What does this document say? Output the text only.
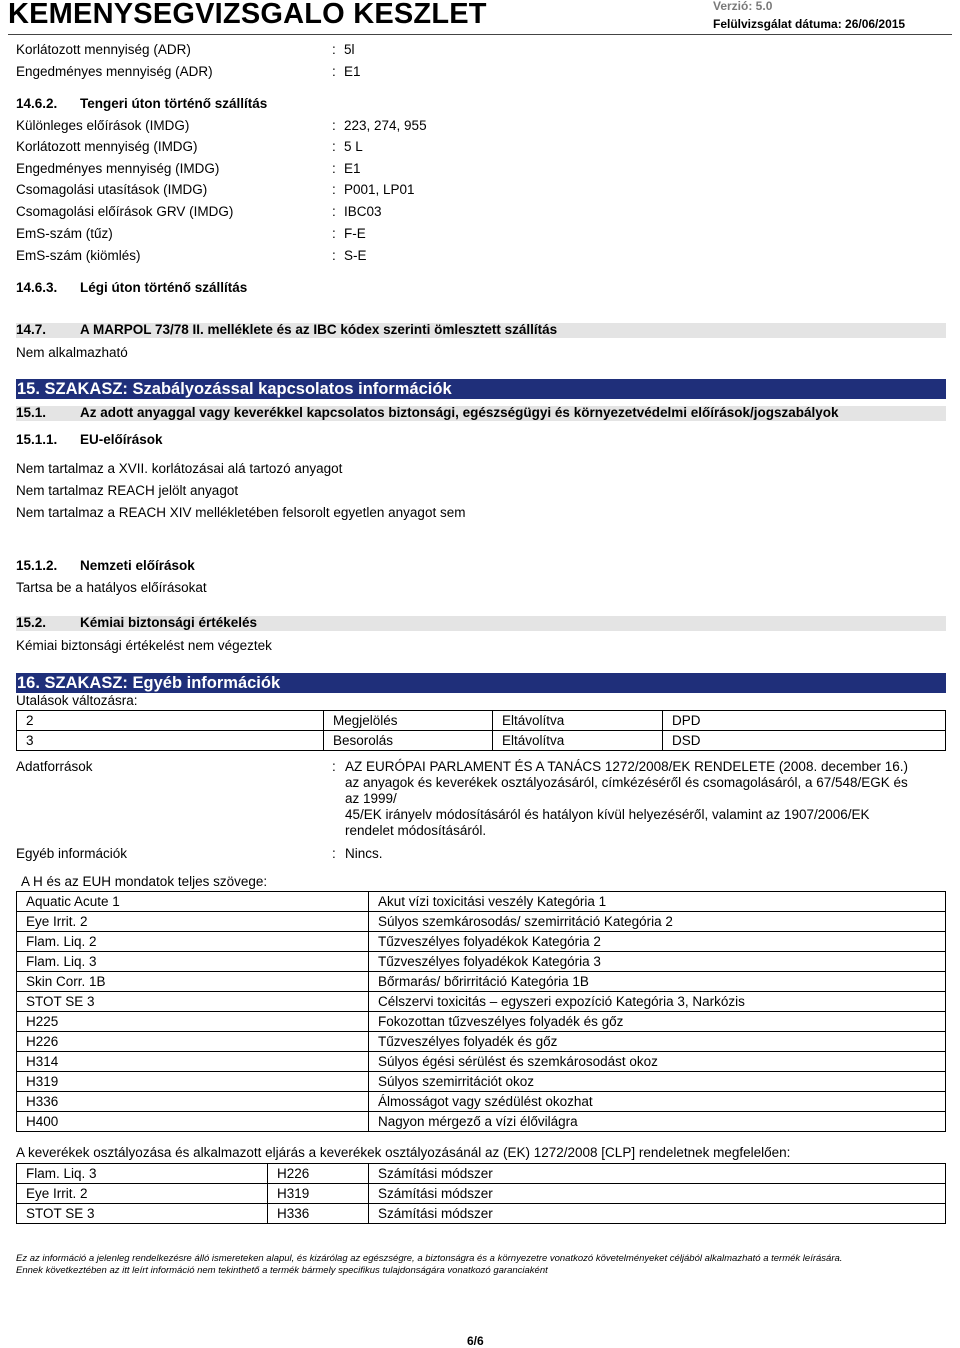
KEMENYSEGVIZSGALO KESZLET	Verzió: 5.0
Felülvizsgálat dátuma: 26/06/2015
Korlátozott mennyiség (ADR)	: 5l
Engedményes mennyiség (ADR)	: E1
14.6.2. Tengeri úton történő szállítás
Különleges előírások (IMDG)	: 223, 274, 955
Korlátozott mennyiség (IMDG)	: 5 L
Engedményes mennyiség (IMDG)	: E1
Csomagolási utasítások (IMDG)	: P001, LP01
Csomagolási előírások GRV (IMDG)	: IBC03
EmS-szám (tűz)	: F-E
EmS-szám (kiömlés)	: S-E
14.6.3. Légi úton történő szállítás
14.7.	A MARPOL 73/78 II. melléklete és az IBC kódex szerinti ömlesztett szállítás
Nem alkalmazható
15. SZAKASZ: Szabályozással kapcsolatos információk
15.1.	Az adott anyaggal vagy keverékkel kapcsolatos biztonsági, egészségügyi és környezetvédelmi előírások/jogszabályok
15.1.1. EU-előírások
Nem tartalmaz a XVII. korlátozásai alá tartozó anyagot
Nem tartalmaz REACH jelölt anyagot
Nem tartalmaz a REACH XIV mellékletében felsorolt egyetlen anyagot sem
15.1.2. Nemzeti előírások
Tartsa be a hatályos előírásokat
15.2.	Kémiai biztonsági értékelés
Kémiai biztonsági értékelést nem végeztek
16. SZAKASZ: Egyéb információk
Utalások változásra:
2	Megjelölés	Eltávolítva	DPD
3	Besorolás	Eltávolítva	DSD
Adatforrások	: AZ EURÓPAI PARLAMENT ÉS A TANÁCS 1272/2008/EK RENDELETE (2008. december 16.)
az anyagok és keverékek osztályozásáról, címkézéséről és csomagolásáról, a 67/548/EGK és
az 1999/
45/EK irányelv módosításáról és hatályon kívül helyezéséről, valamint az 1907/2006/EK
rendelet módosításáról.
Egyéb információk	: Nincs.
A H és az EUH mondatok teljes szövege:
Aquatic Acute 1	Akut vízi toxicitási veszély Kategória 1
Eye Irrit. 2	Súlyos szemkárosodás/ szemirritáció Kategória 2
Flam. Liq. 2	Tűzveszélyes folyadékok Kategória 2
Flam. Liq. 3	Tűzveszélyes folyadékok Kategória 3
Skin Corr. 1B	Bőrmarás/ bőrirritáció Kategória 1B
STOT SE 3	Célszervi toxicitás – egyszeri expozíció Kategória 3, Narkózis
H225	Fokozottan tűzveszélyes folyadék és gőz
H226	Tűzveszélyes folyadék és gőz
H314	Súlyos égési sérülést és szemkárosodást okoz
H319	Súlyos szemirritációt okoz
H336	Álmosságot vagy szédülést okozhat
H400	Nagyon mérgező a vízi élővilágra
A keverékek osztályozása és alkalmazott eljárás a keverékek osztályozásánál az (EK) 1272/2008 [CLP] rendeletnek megfelelően:
Flam. Liq. 3	H226	Számítási módszer
Eye Irrit. 2	H319	Számítási módszer
STOT SE 3	H336	Számítási módszer
Ez az információ a jelenleg rendelkezésre álló ismereteken alapul, és kizárólag az egészségre, a biztonságra és a környezetre vonatkozó követelményeket céljából alkalmazható a termék leírására.
Ennek következtében az itt leírt információ nem tekinthető a termék bármely specifikus tulajdonságára vonatkozó garanciaként
6/6
